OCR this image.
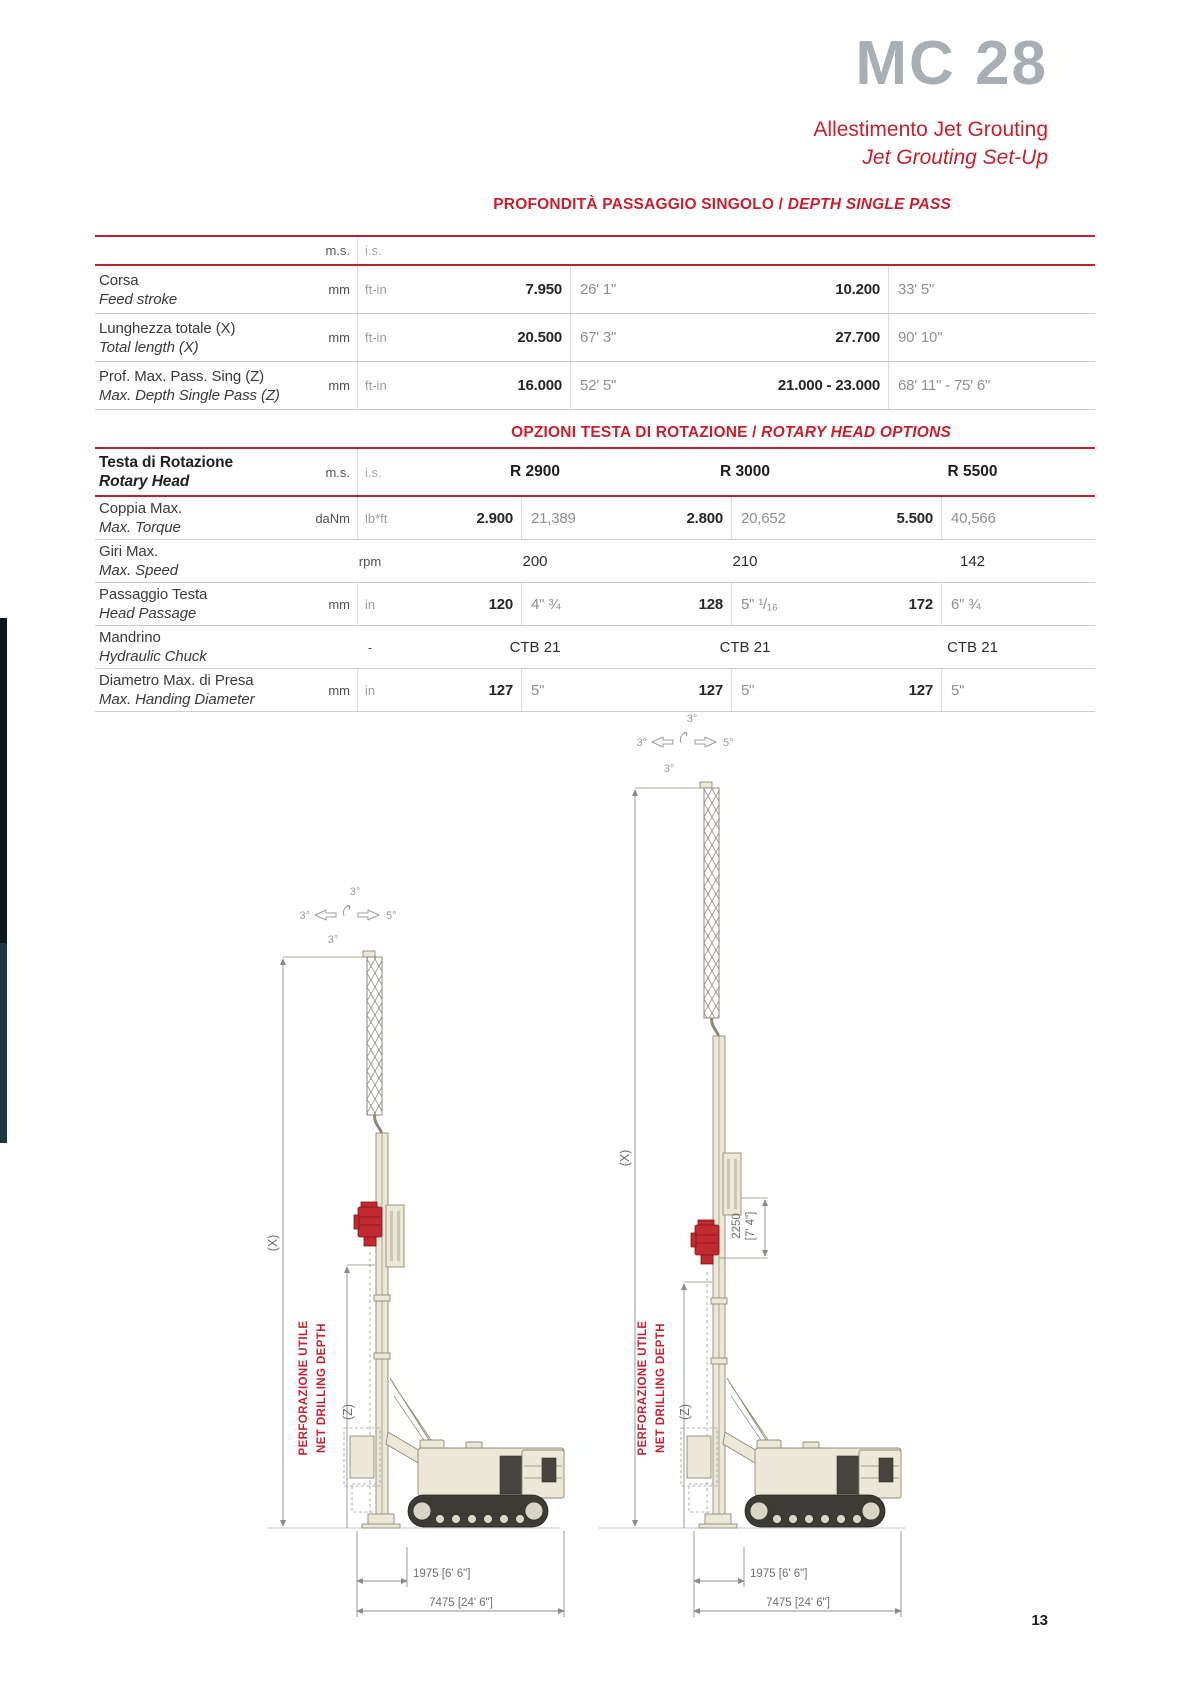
MC 28
Allestimento Jet Grouting
Jet Grouting Set-Up
PROFONDITÀ PASSAGGIO SINGOLO / DEPTH SINGLE PASS
m.s.	i.s.
Corsa
Feed stroke
mm	ft-in	7.950	26' 1"	10.200	33' 5"
Lunghezza totale (X)
Total length (X)
mm	ft-in	20.500	67' 3"	27.700	90' 10"
Prof. Max. Pass. Sing (Z)
Max. Depth Single Pass (Z)
mm	ft-in	16.000	52' 5"	21.000 - 23.000	68' 11" - 75' 6"
OPZIONI TESTA DI ROTAZIONE / ROTARY HEAD OPTIONS
Testa di Rotazione
Rotary Head
m.s.	i.s.	R 2900	R 3000	R 5500
Coppia Max.
Max. Torque
daNm	lb*ft	2.900	21,389	2.800	20,652	5.500	40,566
Giri Max.
Max. Speed
rpm	200	210	142
Passaggio Testa
Head Passage
mm	in	120	4" ¾	128	5" ¹/₁₆	172	6" ¾
Mandrino
Hydraulic Chuck
-	CTB 21	CTB 21	CTB 21
Diametro Max. di Presa
Max. Handing Diameter
mm	in	127	5"	127	5"	127	5"
3°
3°	5°
3°
(X)
(Z)
PERFORAZIONE UTILE NET DRILLING DEPTH
1975 [6' 6"]
7475 [24' 6"]
3°
3°	5°
3°
(X)
2250 [7' 4"]
(Z)
PERFORAZIONE UTILE NET DRILLING DEPTH
1975 [6' 6"]
7475 [24' 6"]
13
